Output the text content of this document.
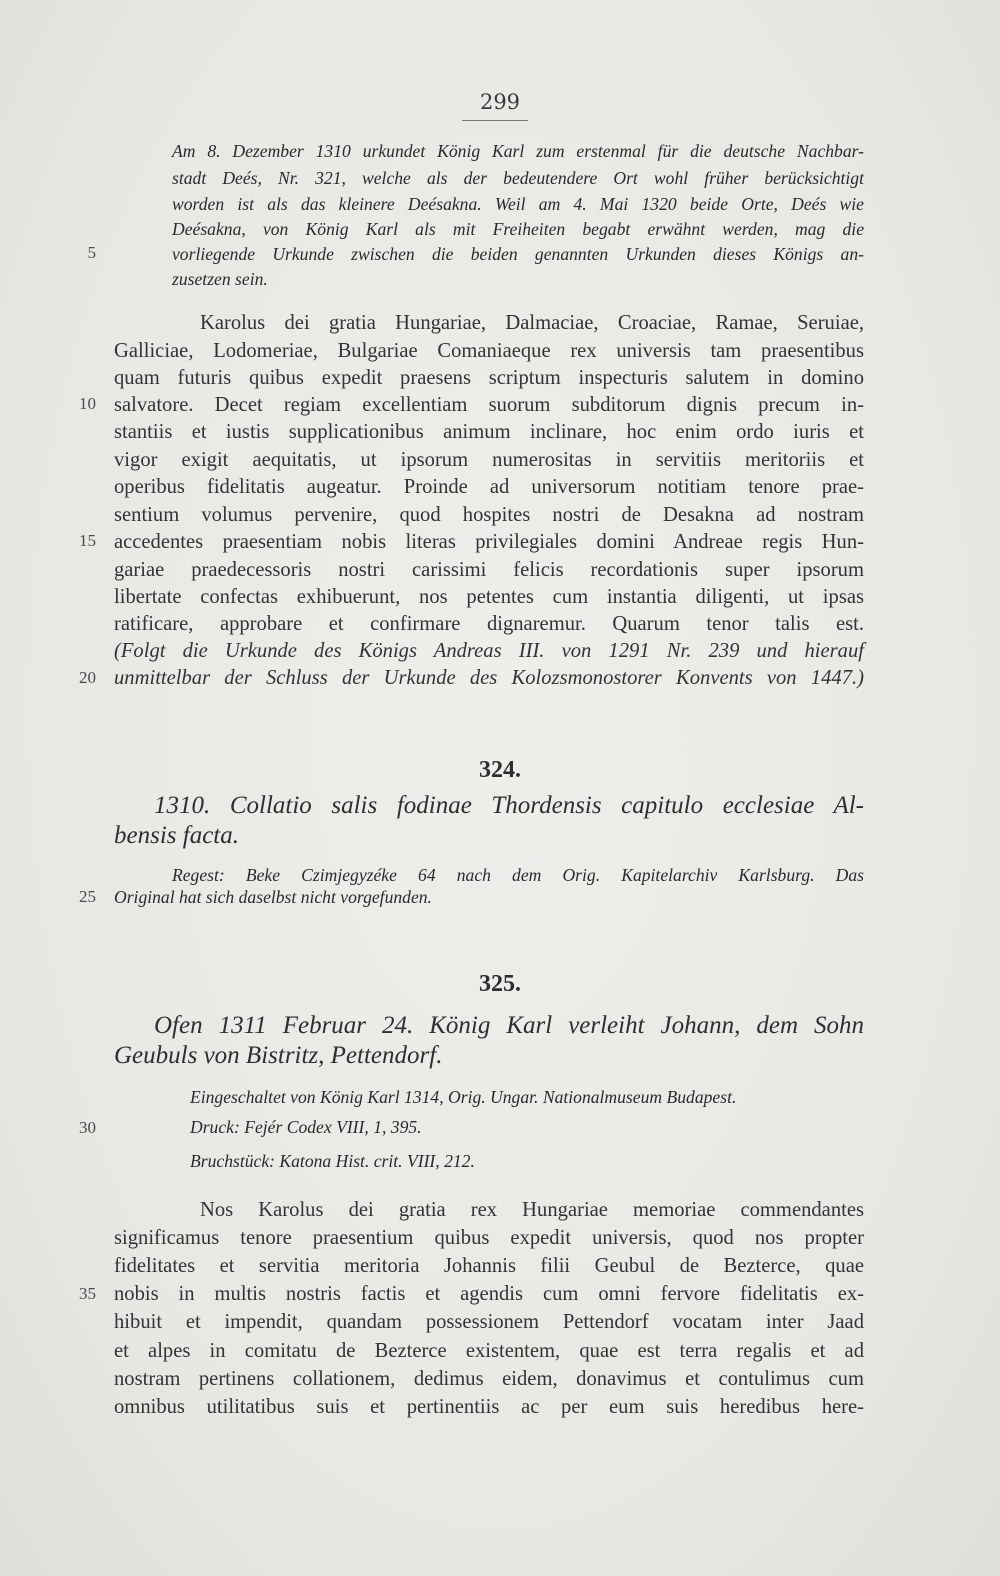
299
Am 8. Dezember 1310 urkundet König Karl zum erstenmal für die deutsche Nachbar-
stadt Deés, Nr. 321, welche als der bedeutendere Ort wohl früher berücksichtigt
worden ist als das kleinere Deésakna. Weil am 4. Mai 1320 beide Orte, Deés wie
Deésakna, von König Karl als mit Freiheiten begabt erwähnt werden, mag die
vorliegende Urkunde zwischen die beiden genannten Urkunden dieses Königs an-
zusetzen sein.
Karolus dei gratia Hungariae, Dalmaciae, Croaciae, Ramae, Seruiae,
Galliciae, Lodomeriae, Bulgariae Comaniaeque rex universis tam praesentibus
quam futuris quibus expedit praesens scriptum inspecturis salutem in domino
salvatore. Decet regiam excellentiam suorum subditorum dignis precum in-
stantiis et iustis supplicationibus animum inclinare, hoc enim ordo iuris et
vigor exigit aequitatis, ut ipsorum numerositas in servitiis meritoriis et
operibus fidelitatis augeatur. Proinde ad universorum notitiam tenore prae-
sentium volumus pervenire, quod hospites nostri de Desakna ad nostram
accedentes praesentiam nobis literas privilegiales domini Andreae regis Hun-
gariae praedecessoris nostri carissimi felicis recordationis super ipsorum
libertate confectas exhibuerunt, nos petentes cum instantia diligenti, ut ipsas
ratificare, approbare et confirmare dignaremur. Quarum tenor talis est.
(Folgt die Urkunde des Königs Andreas III. von 1291 Nr. 239 und hierauf
unmittelbar der Schluss der Urkunde des Kolozsmonostorer Konvents von 1447.)
324.
1310. Collatio salis fodinae Thordensis capitulo ecclesiae Al-
bensis facta.
Regest: Beke Czimjegyzéke 64 nach dem Orig. Kapitelarchiv Karlsburg. Das
Original hat sich daselbst nicht vorgefunden.
325.
Ofen 1311 Februar 24. König Karl verleiht Johann, dem Sohn
Geubuls von Bistritz, Pettendorf.
Eingeschaltet von König Karl 1314, Orig. Ungar. Nationalmuseum Budapest.
Druck: Fejér Codex VIII, 1, 395.
Bruchstück: Katona Hist. crit. VIII, 212.
Nos Karolus dei gratia rex Hungariae memoriae commendantes
significamus tenore praesentium quibus expedit universis, quod nos propter
fidelitates et servitia meritoria Johannis filii Geubul de Bezterce, quae
nobis in multis nostris factis et agendis cum omni fervore fidelitatis ex-
hibuit et impendit, quandam possessionem Pettendorf vocatam inter Jaad
et alpes in comitatu de Bezterce existentem, quae est terra regalis et ad
nostram pertinens collationem, dedimus eidem, donavimus et contulimus cum
omnibus utilitatibus suis et pertinentiis ac per eum suis heredibus here-
5
10
15
20
25
30
35
